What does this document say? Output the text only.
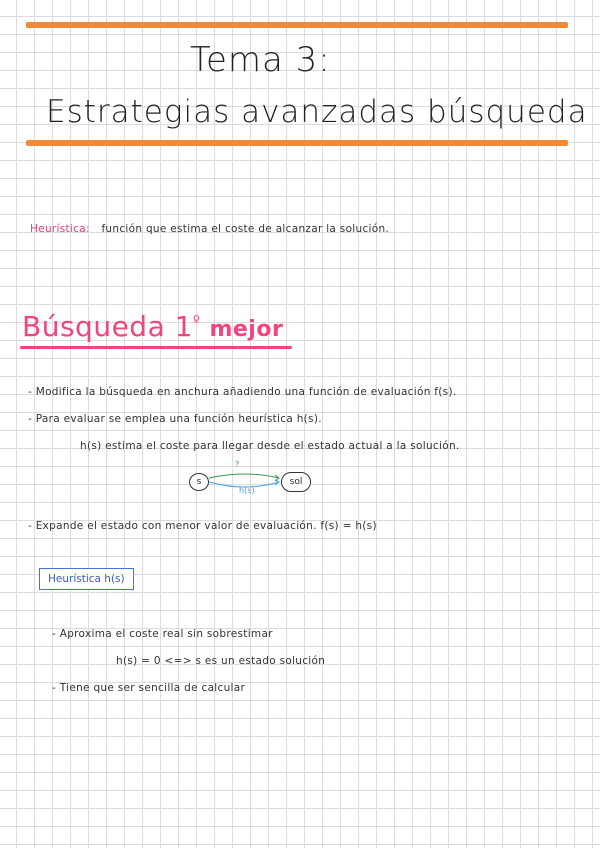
Tema 3:
Estrategias avanzadas búsqueda
Heurística: función que estima el coste de alcanzar la solución.
Búsqueda $1^º$ mejor
- Modifica la búsqueda en anchura añadiendo una función de evaluación f(s).
- Para evaluar se emplea una función heurística h(s).
h(s) estima el coste para llegar desde el estado actual a la solución.
s	sol
?
h(s)
- Expande el estado con menor valor de evaluación. f(s) = h(s)
Heurística h(s)
- Aproxima el coste real sin sobrestimar
h(s) = 0 <=> s es un estado solución
- Tiene que ser sencilla de calcular
